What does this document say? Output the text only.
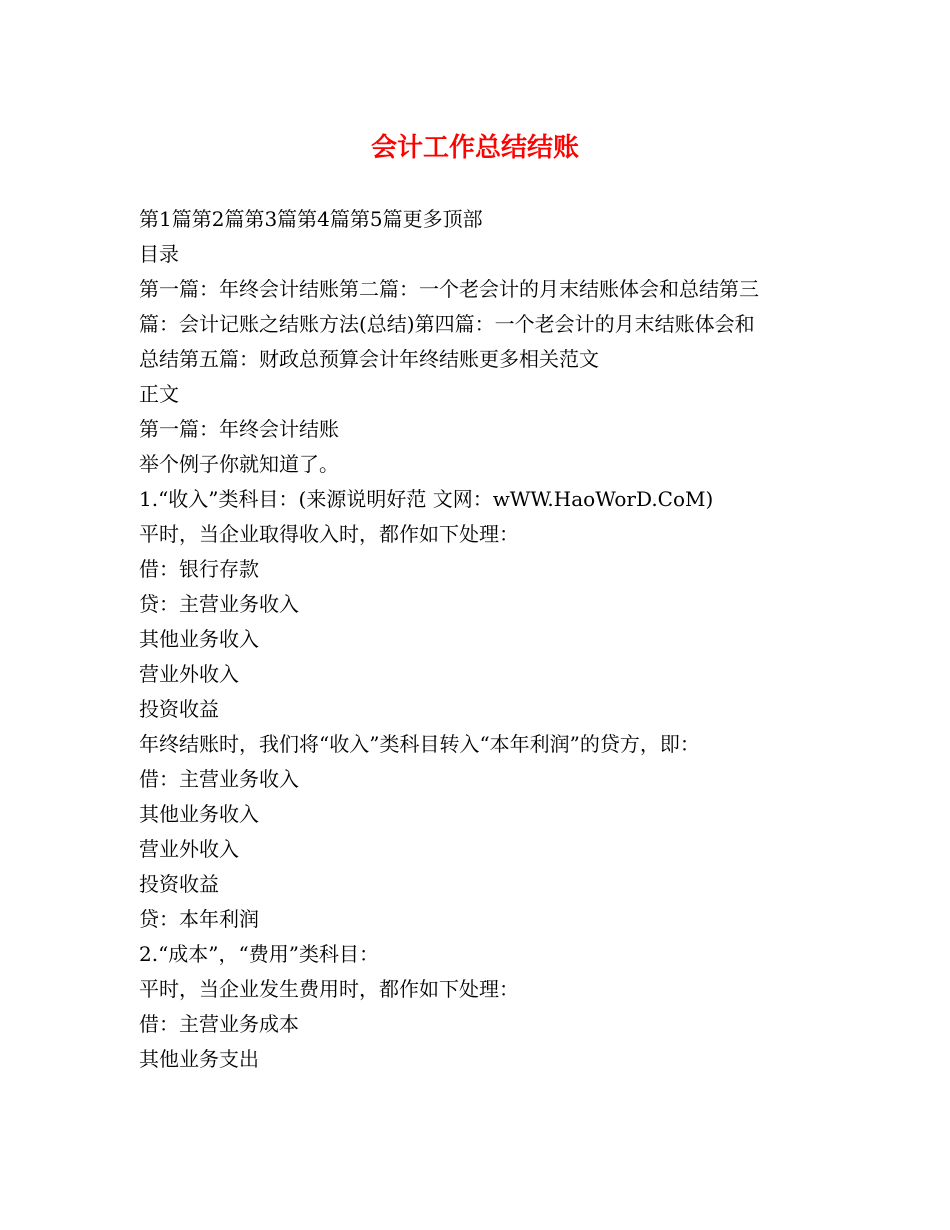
会计工作总结结账
第1篇第2篇第3篇第4篇第5篇更多顶部
目录
第一篇：年终会计结账第二篇：一个老会计的月末结账体会和总结第三
篇：会计记账之结账方法(总结)第四篇：一个老会计的月末结账体会和
总结第五篇：财政总预算会计年终结账更多相关范文
正文
第一篇：年终会计结账
举个例子你就知道了。
1.“收入”类科目：(来源说明好范 文网：wWW.HaoWorD.CoM)
平时，当企业取得收入时，都作如下处理：
借：银行存款
贷：主营业务收入
其他业务收入
营业外收入
投资收益
年终结账时，我们将“收入”类科目转入“本年利润”的贷方，即：
借：主营业务收入
其他业务收入
营业外收入
投资收益
贷：本年利润
2.“成本”，“费用”类科目：
平时，当企业发生费用时，都作如下处理：
借：主营业务成本
其他业务支出
